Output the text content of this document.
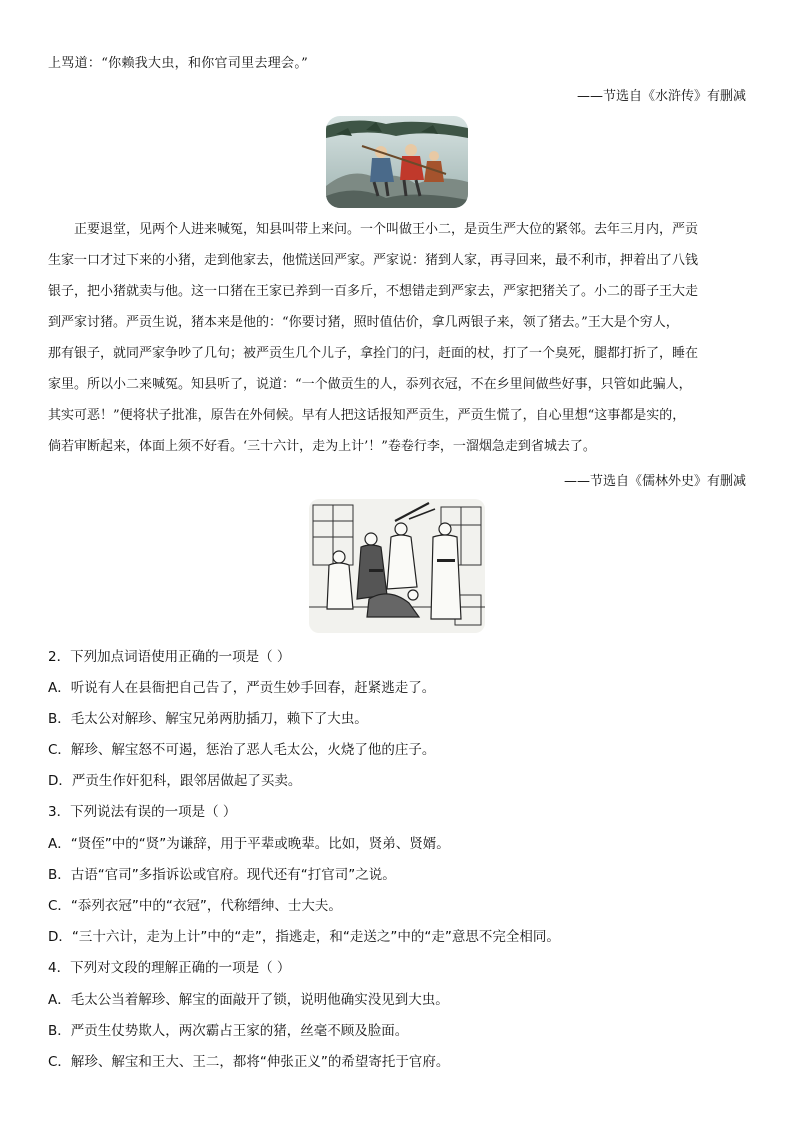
上骂道：“你赖我大虫，和你官司里去理会。”
——节选自《水浒传》有删减
正要退堂，见两个人进来喊冤，知县叫带上来问。一个叫做王小二，是贡生严大位的紧邻。去年三月内，严贡
生家一口才过下来的小猪，走到他家去，他慌送回严家。严家说：猪到人家，再寻回来，最不利市，押着出了八钱
银子，把小猪就卖与他。这一口猪在王家已养到一百多斤，不想错走到严家去，严家把猪关了。小二的哥子王大走
到严家讨猪。严贡生说，猪本来是他的：“你要讨猪，照时值估价，拿几两银子来，领了猪去。”王大是个穷人，
那有银子，就同严家争吵了几句；被严贡生几个儿子，拿拴门的闩，赶面的杖，打了一个臭死，腿都打折了，睡在
家里。所以小二来喊冤。知县听了，说道：“一个做贡生的人，忝列衣冠，不在乡里间做些好事，只管如此骗人，
其实可恶！”便将状子批准，原告在外伺候。早有人把这话报知严贡生，严贡生慌了，自心里想“这事都是实的，
倘若审断起来，体面上须不好看。‘三十六计，走为上计’！”卷卷行李，一溜烟急走到省城去了。
——节选自《儒林外史》有删减
2．下列加点词语使用正确的一项是（ ）
A．听说有人在县衙把自己告了，严贡生妙手回春，赶紧逃走了。
B．毛太公对解珍、解宝兄弟两肋插刀，赖下了大虫。
C．解珍、解宝怒不可遏，惩治了恶人毛太公，火烧了他的庄子。
D．严贡生作奸犯科，跟邻居做起了买卖。
3．下列说法有误的一项是（ ）
A．“贤侄”中的“贤”为谦辞，用于平辈或晚辈。比如，贤弟、贤婿。
B．古语“官司”多指诉讼或官府。现代还有“打官司”之说。
C．“忝列衣冠”中的“衣冠”，代称缙绅、士大夫。
D．“三十六计，走为上计”中的“走”，指逃走，和“走送之”中的“走”意思不完全相同。
4．下列对文段的理解正确的一项是（ ）
A．毛太公当着解珍、解宝的面敲开了锁，说明他确实没见到大虫。
B．严贡生仗势欺人，两次霸占王家的猪，丝毫不顾及脸面。
C．解珍、解宝和王大、王二，都将“伸张正义”的希望寄托于官府。
